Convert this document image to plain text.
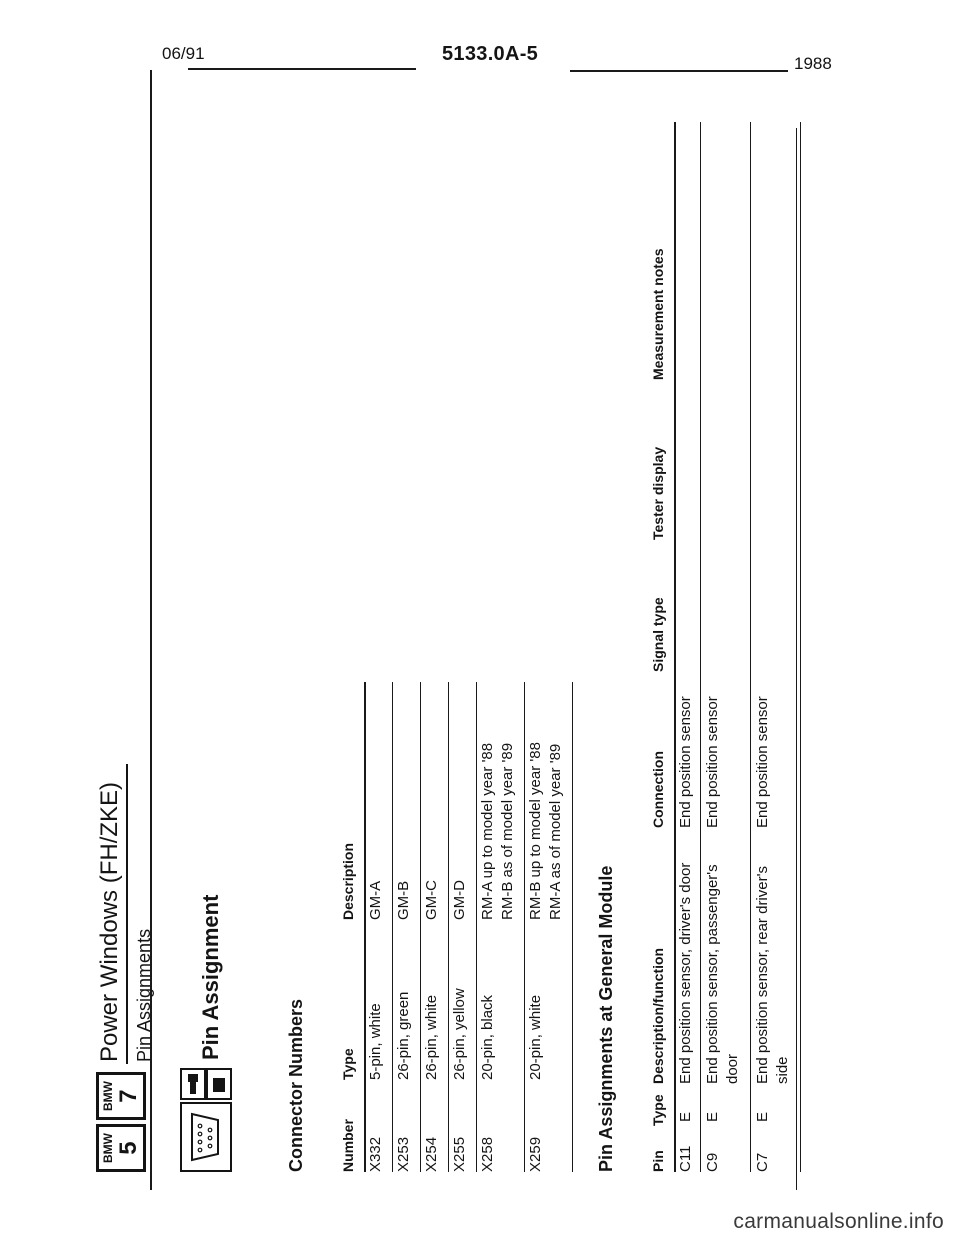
06/91	5133.0A-5	1988
BMW 5
BMW 7
Power Windows (FH/ZKE) Pin Assignments Pin Assignment
Connector Numbers Number
Type
Description
X332
5-pin, white
GM-A
X253
26-pin, green
GM-B
X254
26-pin, white
GM-C
X255
26-pin, yellow
GM-D
X258
20-pin, black
RM-A up to model year '88 RM-B as of model year '89
X259
20-pin, white
RM-B up to model year '88 RM-A as of model year '89
Pin Assignments at General Module Pin
Type
Description/function
Connection
Signal type
Tester display
Measurement notes
C11
E
End position sensor, driver's door
End position sensor
C9
E
End position sensor, passenger's door
End position sensor
C7
E
End position sensor, rear driver's side
End position sensor
carmanualsonline.info
